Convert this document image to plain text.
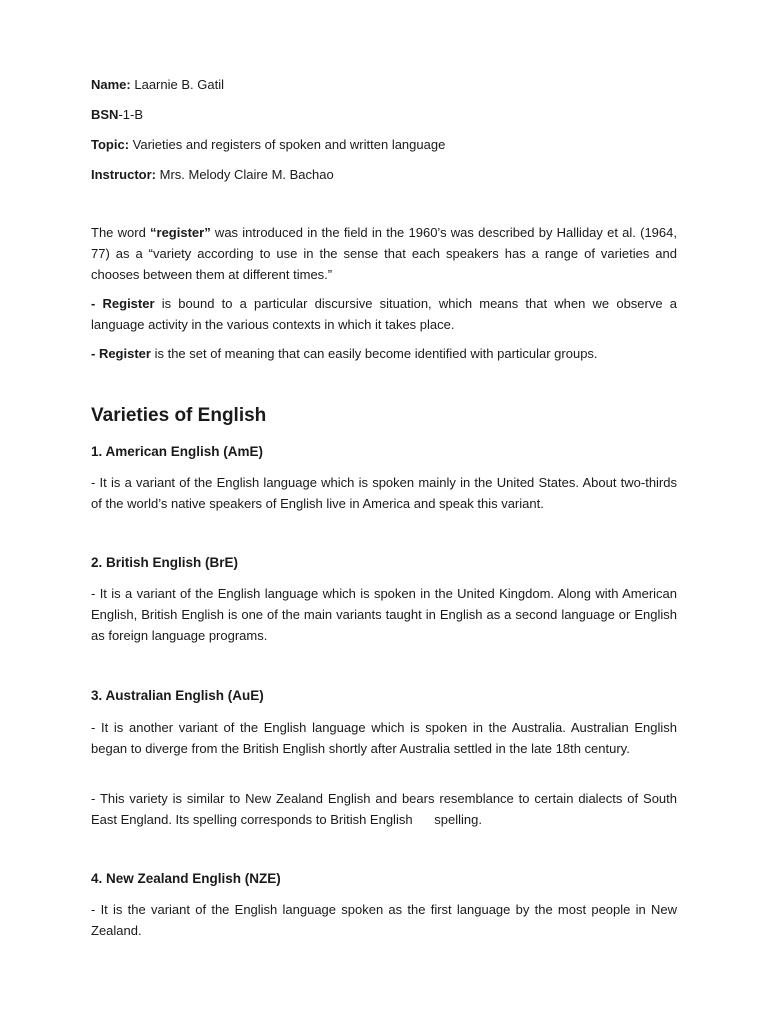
Name: Laarnie B. Gatil
BSN-1-B
Topic: Varieties and registers of spoken and written language
Instructor: Mrs. Melody Claire M. Bachao
The word “register” was introduced in the field in the 1960’s was described by Halliday et al. (1964, 77) as a “variety according to use in the sense that each speakers has a range of varieties and chooses between them at different times.”
- Register is bound to a particular discursive situation, which means that when we observe a language activity in the various contexts in which it takes place.
- Register is the set of meaning that can easily become identified with particular groups.
Varieties of English
1. American English (AmE)
- It is a variant of the English language which is spoken mainly in the United States. About two-thirds of the world’s native speakers of English live in America and speak this variant.
2. British English (BrE)
- It is a variant of the English language which is spoken in the United Kingdom. Along with American English, British English is one of the main variants taught in English as a second language or English as foreign language programs.
3. Australian English (AuE)
- It is another variant of the English language which is spoken in the Australia. Australian English began to diverge from the British English shortly after Australia settled in the late 18th century.
- This variety is similar to New Zealand English and bears resemblance to certain dialects of South East England. Its spelling corresponds to British English      spelling.
4. New Zealand English (NZE)
- It is the variant of the English language spoken as the first language by the most people in New Zealand.
